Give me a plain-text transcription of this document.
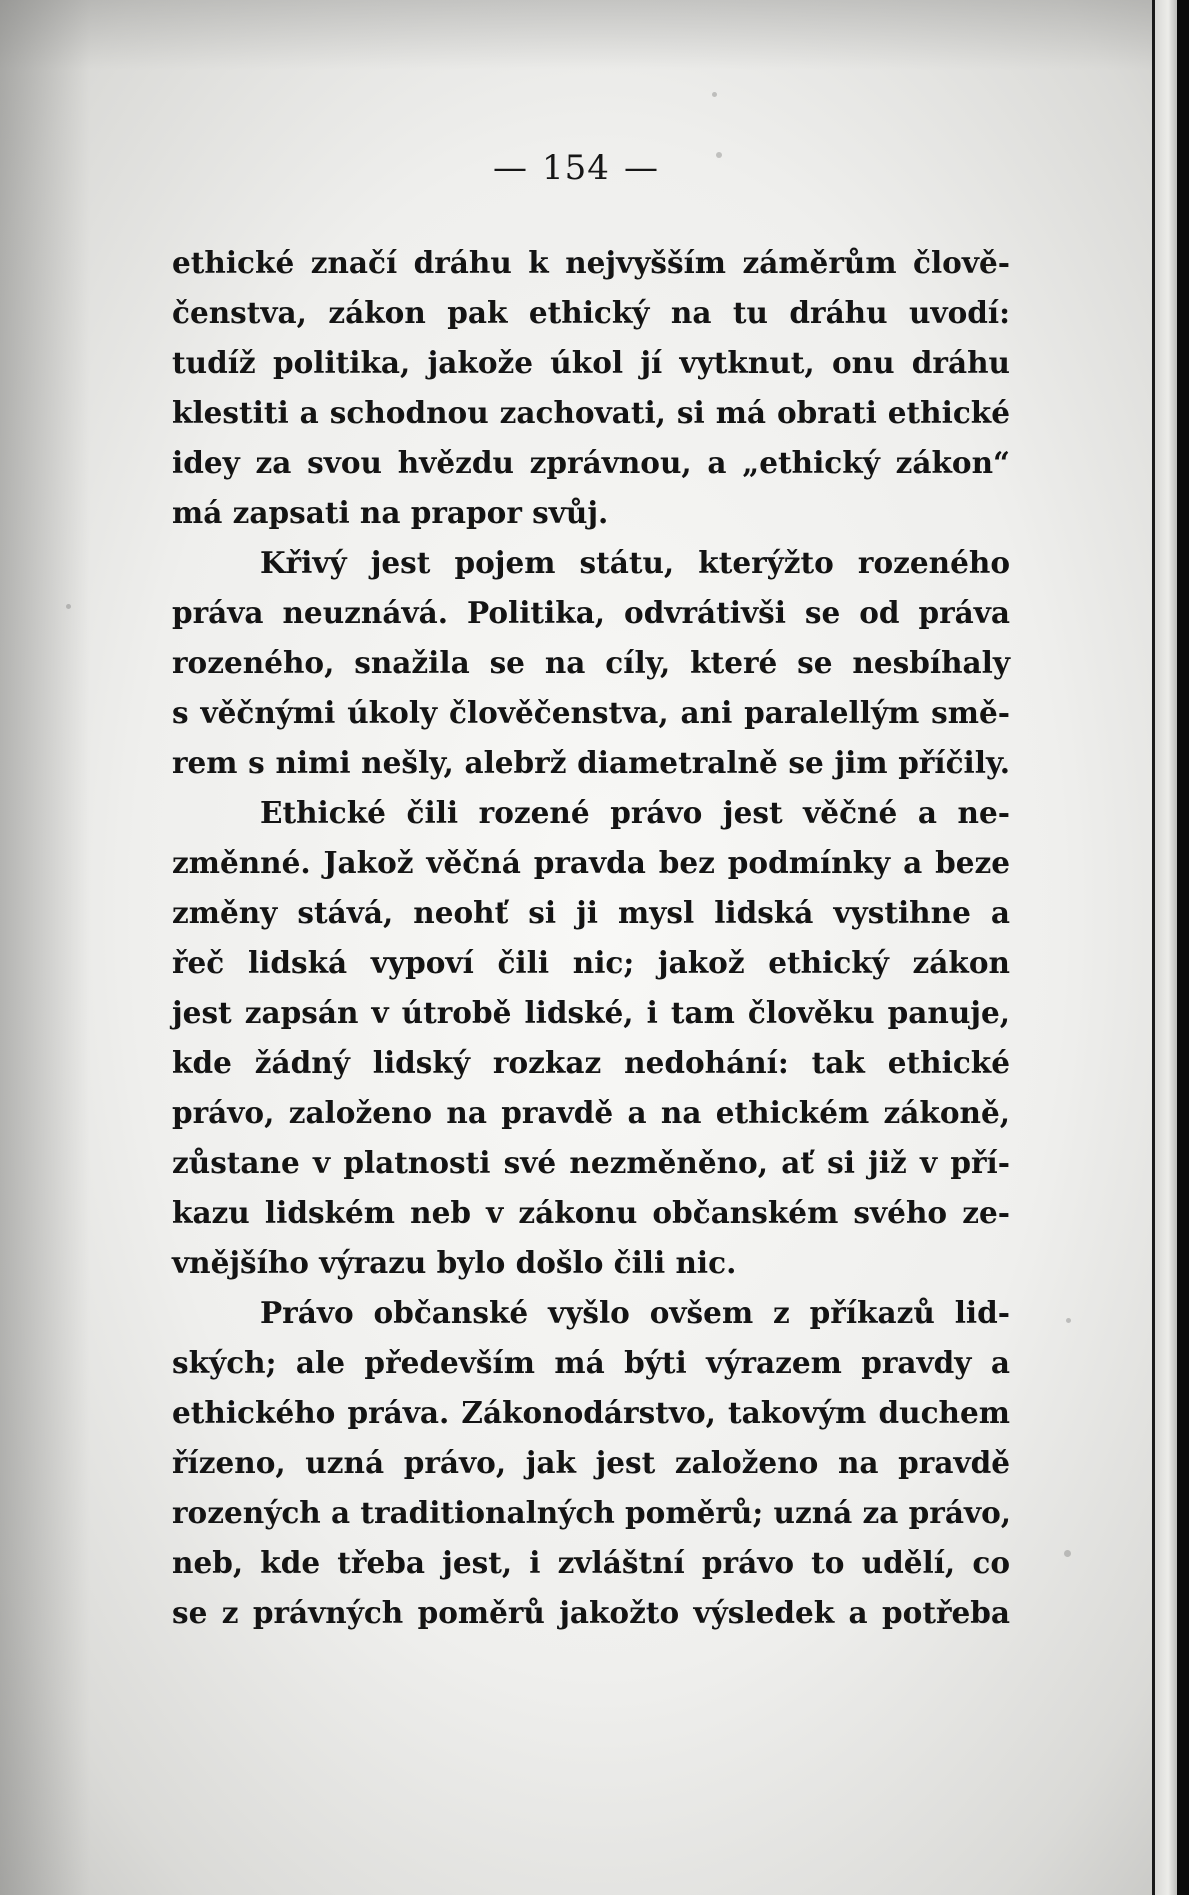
— 154 —
ethické značí dráhu k nejvyšším záměrům člově-
čenstva, zákon pak ethický na tu dráhu uvodí:
tudíž politika, jakože úkol jí vytknut, onu dráhu
klestiti a schodnou zachovati, si má obrati ethické
idey za svou hvězdu zprávnou, a „ethický zákon“
má zapsati na prapor svůj.
Křivý jest pojem státu, kterýžto rozeného
práva neuznává. Politika, odvrátivši se od práva
rozeného, snažila se na cíly, které se nesbíhaly
s věčnými úkoly člověčenstva, ani paralellým smě-
rem s nimi nešly, alebrž diametralně se jim příčily.
Ethické čili rozené právo jest věčné a ne-
změnné. Jakož věčná pravda bez podmínky a beze
změny stává, neohť si ji mysl lidská vystihne a
řeč lidská vypoví čili nic; jakož ethický zákon
jest zapsán v útrobě lidské, i tam člověku panuje,
kde žádný lidský rozkaz nedohání: tak ethické
právo, založeno na pravdě a na ethickém zákoně,
zůstane v platnosti své nezměněno, ať si již v pří-
kazu lidském neb v zákonu občanském svého ze-
vnějšího výrazu bylo došlo čili nic.
Právo občanské vyšlo ovšem z příkazů lid-
ských; ale především má býti výrazem pravdy a
ethického práva. Zákonodárstvo, takovým duchem
řízeno, uzná právo, jak jest založeno na pravdě
rozených a traditionalných poměrů; uzná za právo,
neb, kde třeba jest, i zvláštní právo to udělí, co
se z právných poměrů jakožto výsledek a potřeba
